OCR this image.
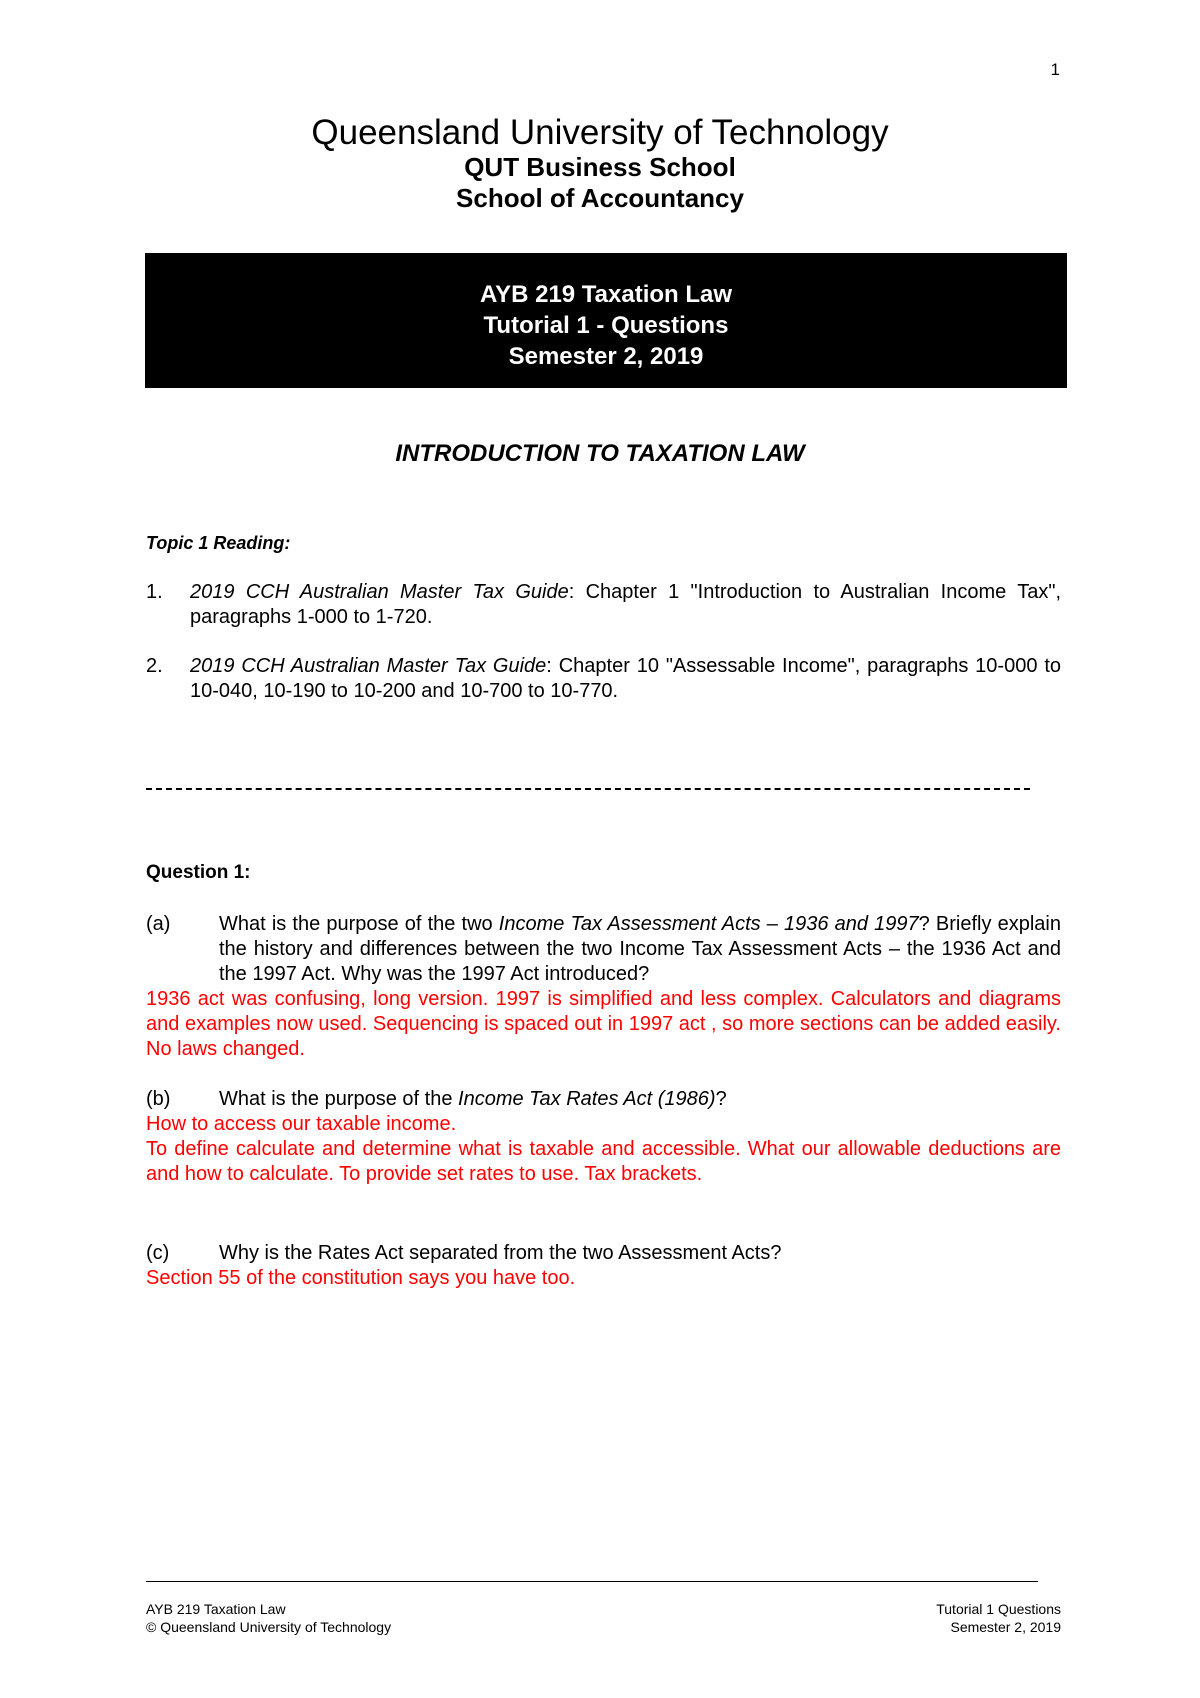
1

Queensland University of Technology

QUT Business School

School of Accountancy

AYB 219 Taxation Law
Tutorial 1 - Questions
Semester 2, 2019
INTRODUCTION TO TAXATION LAW
Topic 1 Reading:
1.	2019 CCH Australian Master Tax Guide: Chapter 1 "Introduction to Australian Income Tax", paragraphs 1-000 to 1-720.
2.	2019 CCH Australian Master Tax Guide: Chapter 10 "Assessable Income", paragraphs 10-000 to 10-040, 10-190 to 10-200 and 10-700 to 10-770.
Question 1:
(a)	What is the purpose of the two Income Tax Assessment Acts – 1936 and 1997? Briefly explain the history and differences between the two Income Tax Assessment Acts – the 1936 Act and the 1997 Act. Why was the 1997 Act introduced?
1936 act was confusing, long version. 1997 is simplified and less complex. Calculators and diagrams and examples now used. Sequencing is spaced out in 1997 act , so more sections can be added easily. No laws changed.
(b)	What is the purpose of the Income Tax Rates Act (1986)?
How to access our taxable income.
To define calculate and determine what is taxable and accessible. What our allowable deductions are and how to calculate. To provide set rates to use. Tax brackets.
(c)	Why is the Rates Act separated from the two Assessment Acts?
Section 55 of the constitution says you have too.
AYB 219 Taxation Law
© Queensland University of Technology
Tutorial 1 Questions
Semester 2, 2019
